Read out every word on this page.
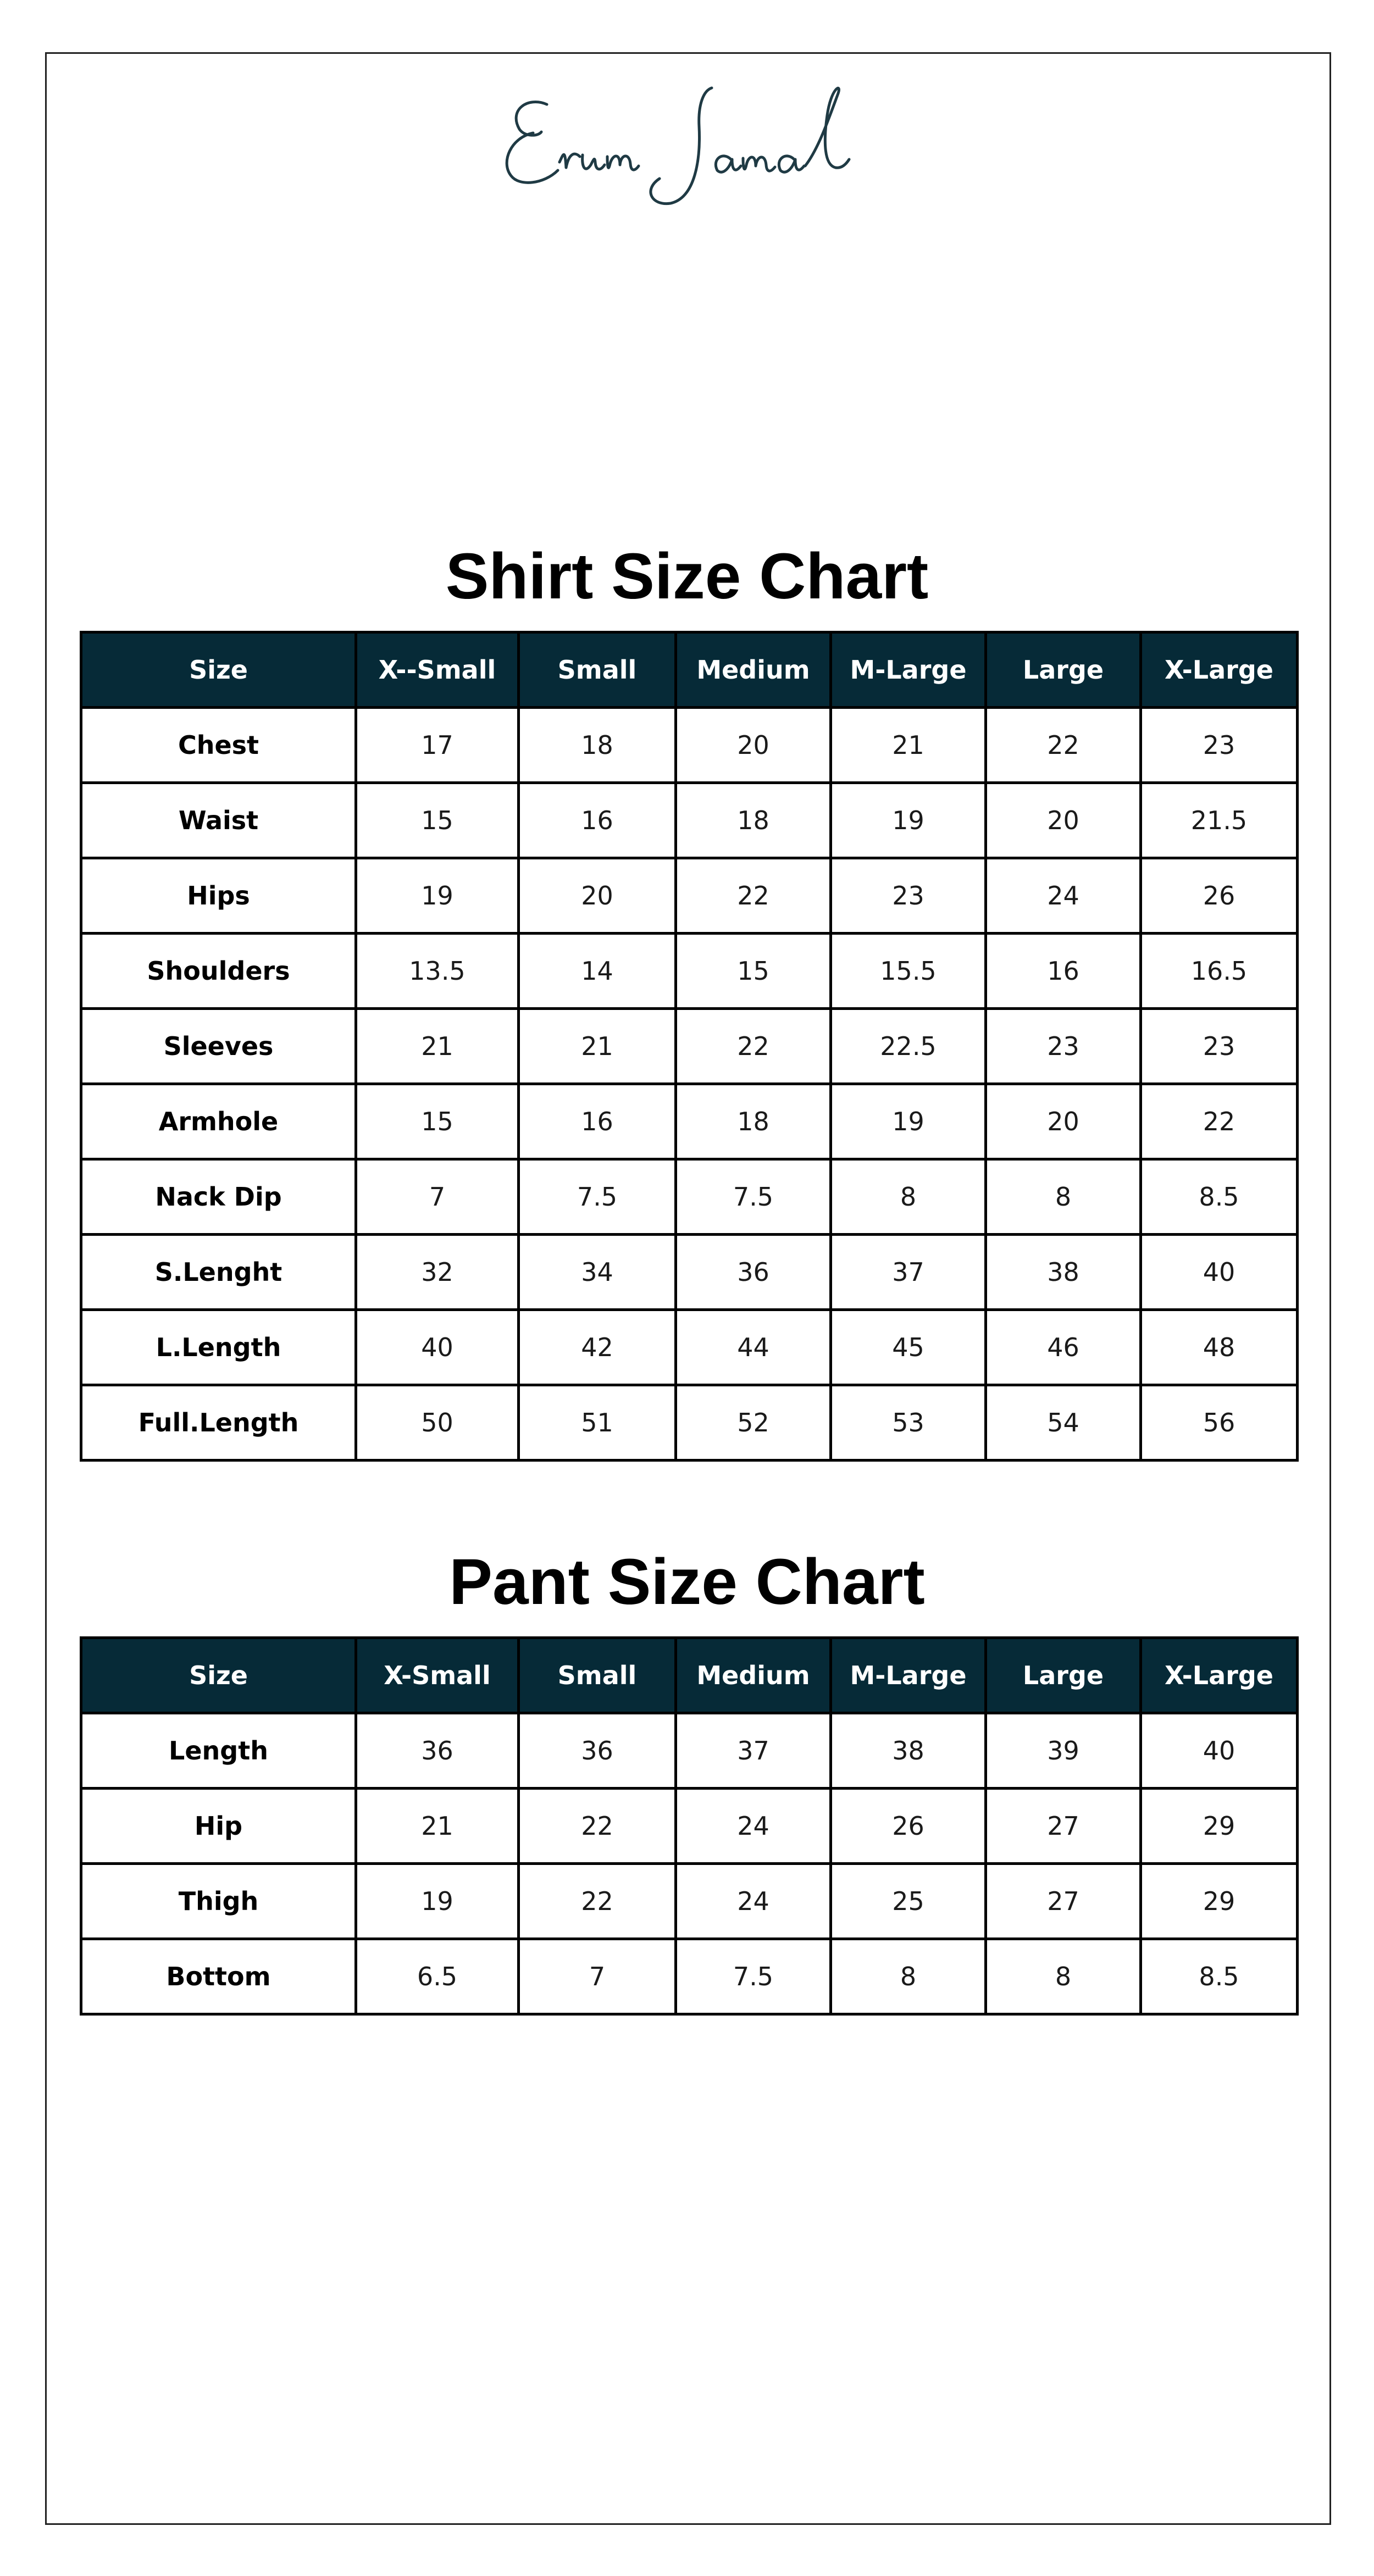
Shirt Size Chart
Size	X--Small	Small	Medium	M-Large	Large	X-Large
Chest	17	18	20	21	22	23
Waist	15	16	18	19	20	21.5
Hips	19	20	22	23	24	26
Shoulders	13.5	14	15	15.5	16	16.5
Sleeves	21	21	22	22.5	23	23
Armhole	15	16	18	19	20	22
Nack Dip	7	7.5	7.5	8	8	8.5
S.Lenght	32	34	36	37	38	40
L.Length	40	42	44	45	46	48
Full.Length	50	51	52	53	54	56
Pant Size Chart
Size	X-Small	Small	Medium	M-Large	Large	X-Large
Length	36	36	37	38	39	40
Hip	21	22	24	26	27	29
Thigh	19	22	24	25	27	29
Bottom	6.5	7	7.5	8	8	8.5
